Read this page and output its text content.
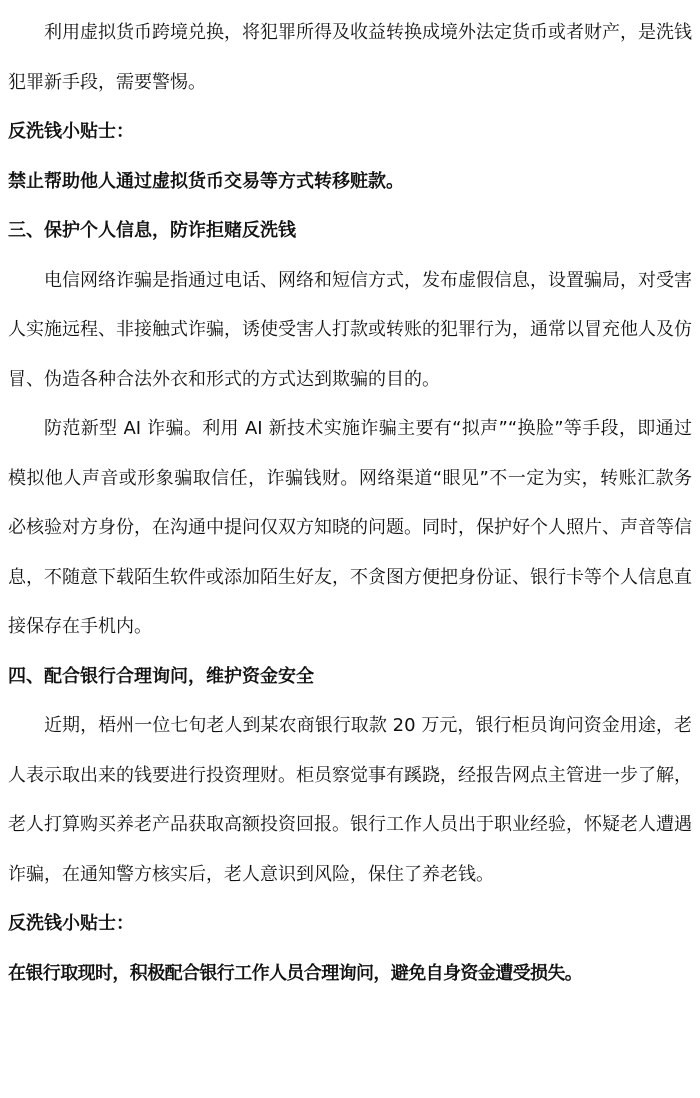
利用虚拟货币跨境兑换，将犯罪所得及收益转换成境外法定货币或者财产，是洗钱犯罪新手段，需要警惕。

反洗钱小贴士：

禁止帮助他人通过虚拟货币交易等方式转移赃款。

三、保护个人信息，防诈拒赌反洗钱

电信网络诈骗是指通过电话、网络和短信方式，发布虚假信息，设置骗局，对受害人实施远程、非接触式诈骗，诱使受害人打款或转账的犯罪行为，通常以冒充他人及仿冒、伪造各种合法外衣和形式的方式达到欺骗的目的。

防范新型 AI 诈骗。利用 AI 新技术实施诈骗主要有“拟声”“换脸”等手段，即通过模拟他人声音或形象骗取信任，诈骗钱财。网络渠道“眼见”不一定为实，转账汇款务必核验对方身份，在沟通中提问仅双方知晓的问题。同时，保护好个人照片、声音等信息，不随意下载陌生软件或添加陌生好友，不贪图方便把身份证、银行卡等个人信息直接保存在手机内。

四、配合银行合理询问，维护资金安全

近期，梧州一位七旬老人到某农商银行取款 20 万元，银行柜员询问资金用途，老人表示取出来的钱要进行投资理财。柜员察觉事有蹊跷，经报告网点主管进一步了解，老人打算购买养老产品获取高额投资回报。银行工作人员出于职业经验，怀疑老人遭遇诈骗，在通知警方核实后，老人意识到风险，保住了养老钱。

反洗钱小贴士：

在银行取现时，积极配合银行工作人员合理询问，避免自身资金遭受损失。
